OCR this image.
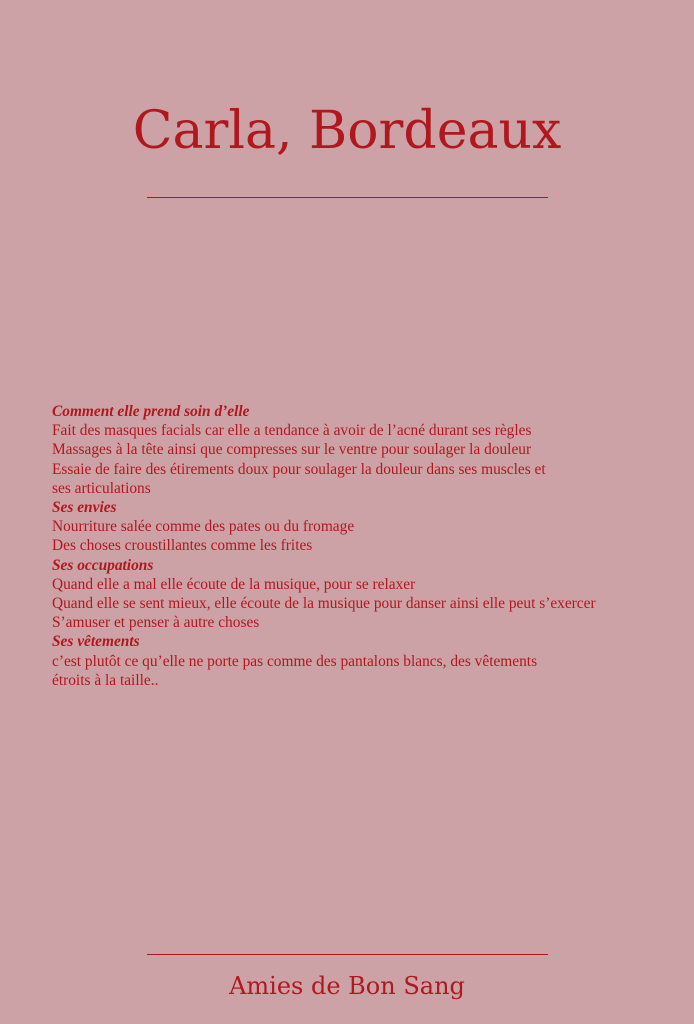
Carla, Bordeaux
Comment elle prend soin d’elle
Fait des masques facials car elle a tendance à avoir de l’acné durant ses règles
Massages à la tête ainsi que compresses sur le ventre pour soulager la douleur
Essaie de faire des étirements doux pour soulager la douleur dans ses muscles et
ses articulations
Ses envies
Nourriture salée comme des pates ou du fromage
Des choses croustillantes comme les frites
Ses occupations
Quand elle a mal elle écoute de la musique, pour se relaxer
Quand elle se sent mieux, elle écoute de la musique pour danser ainsi elle peut s’exercer
S’amuser et penser à autre choses
Ses vêtements
c’est plutôt ce qu’elle ne porte pas comme des pantalons blancs, des vêtements
étroits à la taille..
Amies de Bon Sang
